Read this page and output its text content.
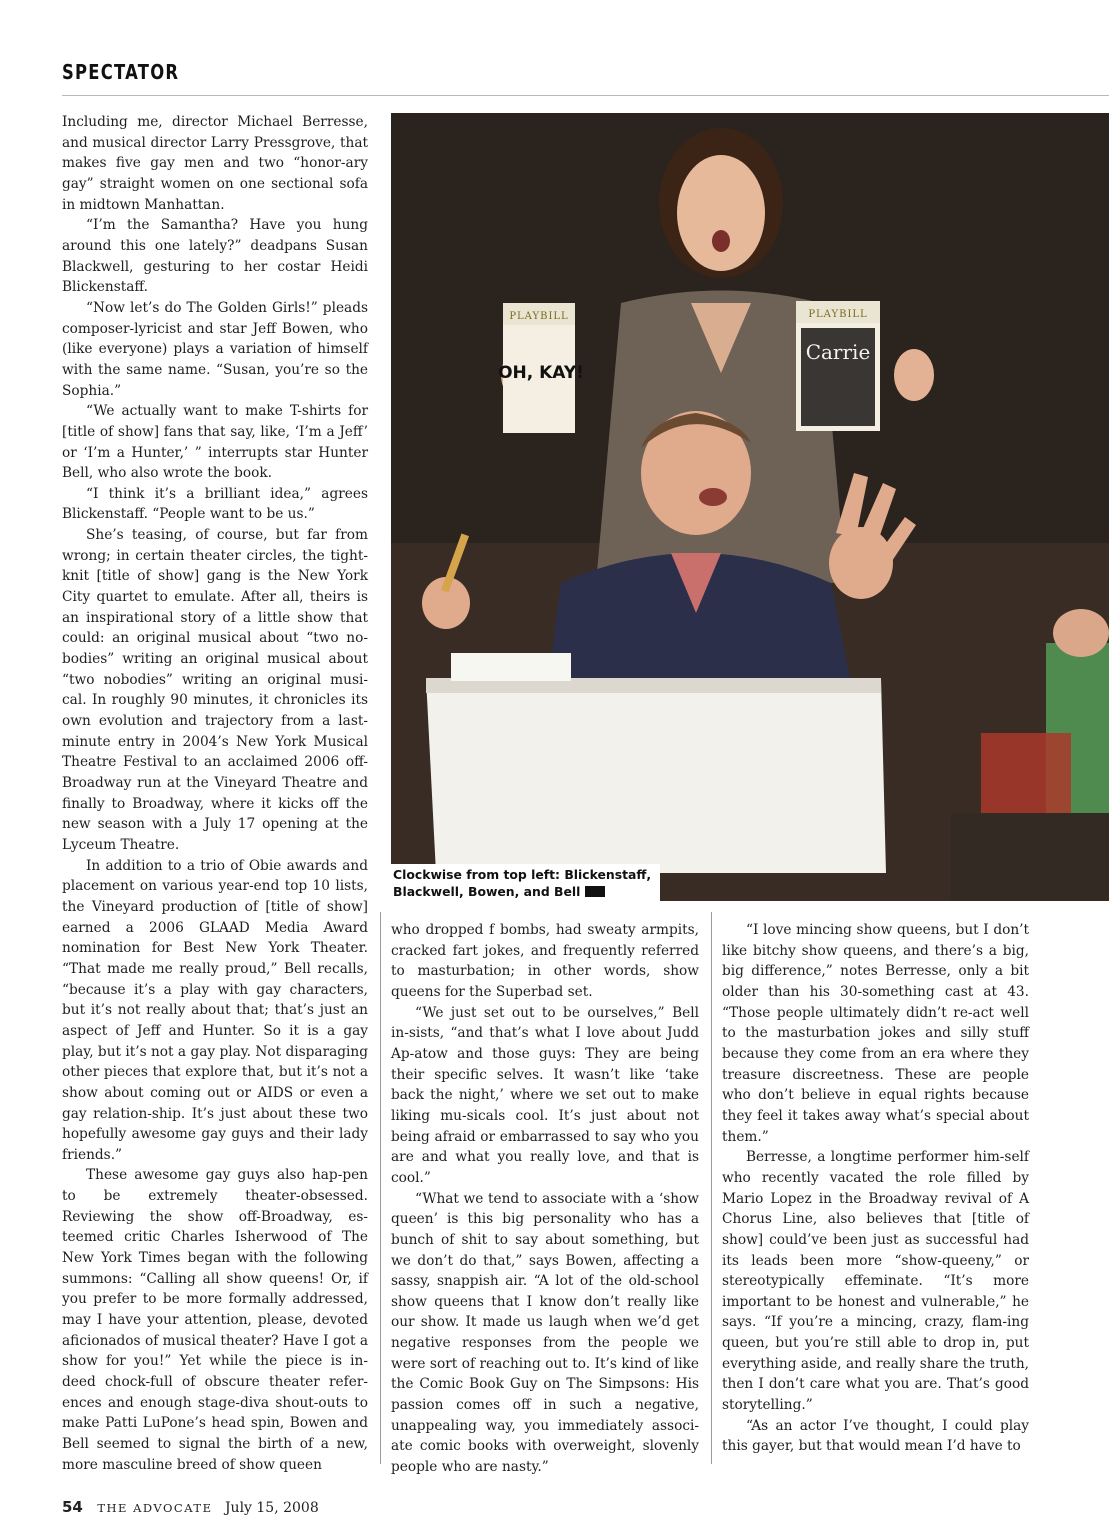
SPECTATOR

Including me, director Michael Berresse, and musical director Larry Pressgrove, that makes five gay men and two “honor-ary gay” straight women on one sectional sofa in midtown Manhattan.

“I’m the Samantha? Have you hung around this one lately?” deadpans Susan Blackwell, gesturing to her costar Heidi Blickenstaff.

“Now let’s do The Golden Girls!” pleads composer-lyricist and star Jeff Bowen, who (like everyone) plays a variation of himself with the same name. “Susan, you’re so the Sophia.”

“We actually want to make T-shirts for [title of show] fans that say, like, ‘I’m a Jeff’ or ‘I’m a Hunter,’ ” interrupts star Hunter Bell, who also wrote the book.

“I think it’s a brilliant idea,” agrees Blickenstaff. “People want to be us.”

She’s teasing, of course, but far from wrong; in certain theater circles, the tight-knit [title of show] gang is the New York City quartet to emulate. After all, theirs is an inspirational story of a little show that could: an original musical about “two no-bodies” writing an original musical about “two nobodies” writing an original musi-cal. In roughly 90 minutes, it chronicles its own evolution and trajectory from a last-minute entry in 2004’s New York Musical Theatre Festival to an acclaimed 2006 off-Broadway run at the Vineyard Theatre and finally to Broadway, where it kicks off the new season with a July 17 opening at the Lyceum Theatre.

In addition to a trio of Obie awards and placement on various year-end top 10 lists, the Vineyard production of [title of show] earned a 2006 GLAAD Media Award nomination for Best New York Theater. “That made me really proud,” Bell recalls, “because it’s a play with gay characters, but it’s not really about that; that’s just an aspect of Jeff and Hunter. So it is a gay play, but it’s not a gay play. Not disparaging other pieces that explore that, but it’s not a show about coming out or AIDS or even a gay relation-ship. It’s just about these two hopefully awesome gay guys and their lady friends.”

These awesome gay guys also hap-pen to be extremely theater-obsessed. Reviewing the show off-Broadway, es-teemed critic Charles Isherwood of The New York Times began with the following summons: “Calling all show queens! Or, if you prefer to be more formally addressed, may I have your attention, please, devoted aficionados of musical theater? Have I got a show for you!” Yet while the piece is in-deed chock-full of obscure theater refer-ences and enough stage-diva shout-outs to make Patti LuPone’s head spin, Bowen and Bell seemed to signal the birth of a new, more masculine breed of show queen

PLAYBILL
OH, KAY!
PLAYBILL
Carrie
Clockwise from top left: Blickenstaff, Blackwell, Bowen, and Bell

who dropped f bombs, had sweaty armpits, cracked fart jokes, and frequently referred to masturbation; in other words, show queens for the Superbad set.

“We just set out to be ourselves,” Bell in-sists, “and that’s what I love about Judd Ap-atow and those guys: They are being their specific selves. It wasn’t like ‘take back the night,’ where we set out to make liking mu-sicals cool. It’s just about not being afraid or embarrassed to say who you are and what you really love, and that is cool.”

“What we tend to associate with a ‘show queen’ is this big personality who has a bunch of shit to say about something, but we don’t do that,” says Bowen, affecting a sassy, snappish air. “A lot of the old-school show queens that I know don’t really like our show. It made us laugh when we’d get negative responses from the people we were sort of reaching out to. It’s kind of like the Comic Book Guy on The Simpsons: His passion comes off in such a negative, unappealing way, you immediately associ-ate comic books with overweight, slovenly people who are nasty.”

“I love mincing show queens, but I don’t like bitchy show queens, and there’s a big, big difference,” notes Berresse, only a bit older than his 30-something cast at 43. “Those people ultimately didn’t re-act well to the masturbation jokes and silly stuff because they come from an era where they treasure discreetness. These are people who don’t believe in equal rights because they feel it takes away what’s special about them.”

Berresse, a longtime performer him-self who recently vacated the role filled by Mario Lopez in the Broadway revival of A Chorus Line, also believes that [title of show] could’ve been just as successful had its leads been more “show-queeny,” or stereotypically effeminate. “It’s more important to be honest and vulnerable,” he says. “If you’re a mincing, crazy, flam-ing queen, but you’re still able to drop in, put everything aside, and really share the truth, then I don’t care what you are. That’s good storytelling.”

“As an actor I’ve thought, I could play this gayer, but that would mean I’d have to

54 THE ADVOCATE July 15, 2008
